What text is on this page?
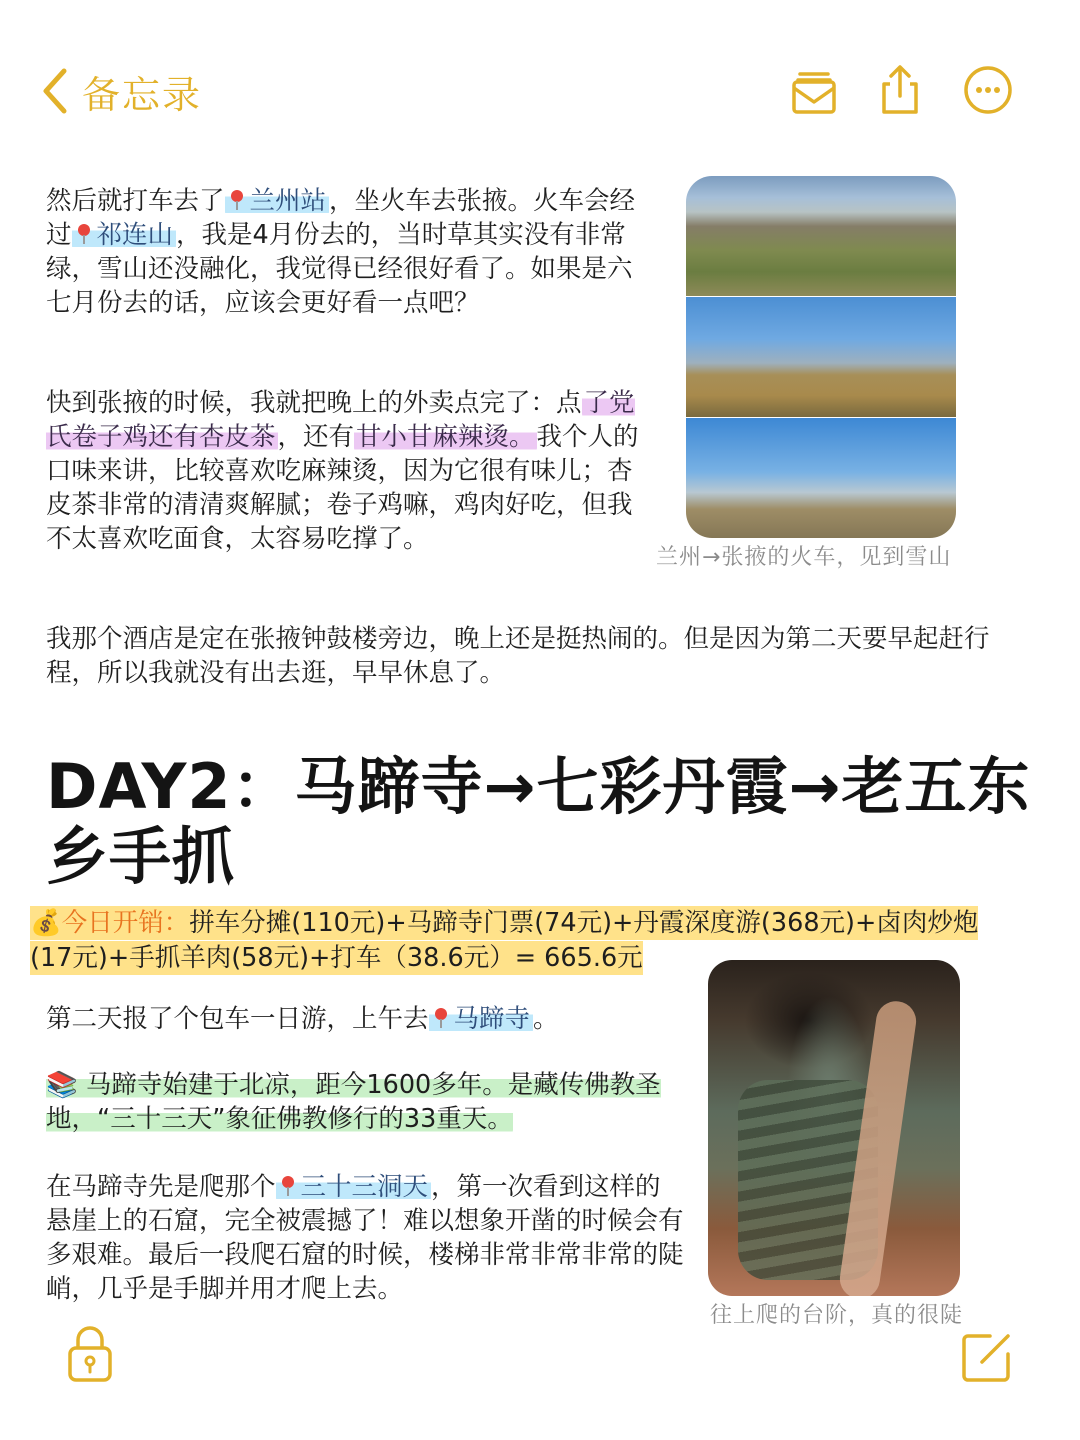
备忘录

然后就打车去了 兰州站 ，坐火车去张掖。火车会经过 祁连山 ，我是4月份去的，当时草其实没有非常绿，雪山还没融化，我觉得已经很好看了。如果是六七月份去的话，应该会更好看一点吧？

快到张掖的时候，我就把晚上的外卖点完了：点了党氏卷子鸡还有杏皮茶，还有甘小甘麻辣烫。我个人的口味来讲，比较喜欢吃麻辣烫，因为它很有味儿；杏皮茶非常的清清爽解腻；卷子鸡嘛，鸡肉好吃，但我不太喜欢吃面食，太容易吃撑了。

兰州→张掖的火车，见到雪山

我那个酒店是定在张掖钟鼓楼旁边，晚上还是挺热闹的。但是因为第二天要早起赶行程，所以我就没有出去逛，早早休息了。

DAY2：马蹄寺→七彩丹霞→老五东乡手抓

💰今日开销：拼车分摊(110元)+马蹄寺门票(74元)+丹霞深度游(368元)+卤肉炒炮(17元)+手抓羊肉(58元)+打车（38.6元）= 665.6元

第二天报了个包车一日游，上午去 马蹄寺 。

📚 马蹄寺始建于北凉，距今1600多年。是藏传佛教圣地，“三十三天”象征佛教修行的33重天。

在马蹄寺先是爬那个 三十三洞天 ，第一次看到这样的悬崖上的石窟，完全被震撼了！难以想象开凿的时候会有多艰难。最后一段爬石窟的时候，楼梯非常非常非常的陡峭，几乎是手脚并用才爬上去。

往上爬的台阶，真的很陡
